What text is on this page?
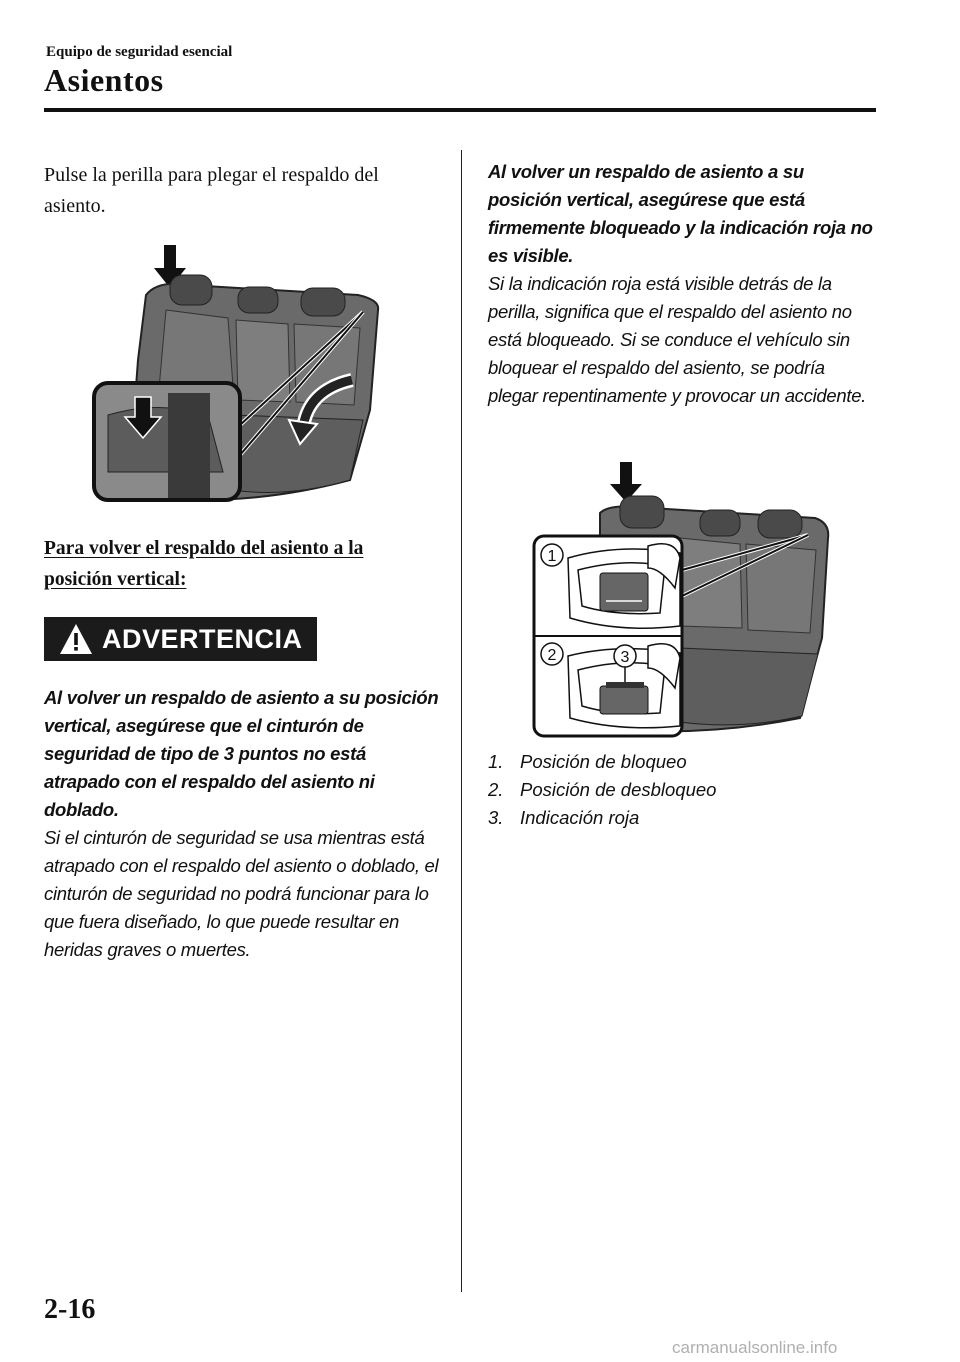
Equipo de seguridad esencial
Asientos
Pulse la perilla para plegar el respaldo del asiento.
Para volver el respaldo del asiento a la posición vertical:
ADVERTENCIA
Al volver un respaldo de asiento a su posición vertical, asegúrese que el cinturón de seguridad de tipo de 3 puntos no está atrapado con el respaldo del asiento ni doblado.
Si el cinturón de seguridad se usa mientras está atrapado con el respaldo del asiento o doblado, el cinturón de seguridad no podrá funcionar para lo que fuera diseñado, lo que puede resultar en heridas graves o muertes.
Al volver un respaldo de asiento a su posición vertical, asegúrese que está firmemente bloqueado y la indicación roja no es visible.
Si la indicación roja está visible detrás de la perilla, significa que el respaldo del asiento no está bloqueado. Si se conduce el vehículo sin bloquear el respaldo del asiento, se podría plegar repentinamente y provocar un accidente.
1
2	3
1. Posición de bloqueo
2. Posición de desbloqueo
3. Indicación roja
2-16
carmanualsonline.info
